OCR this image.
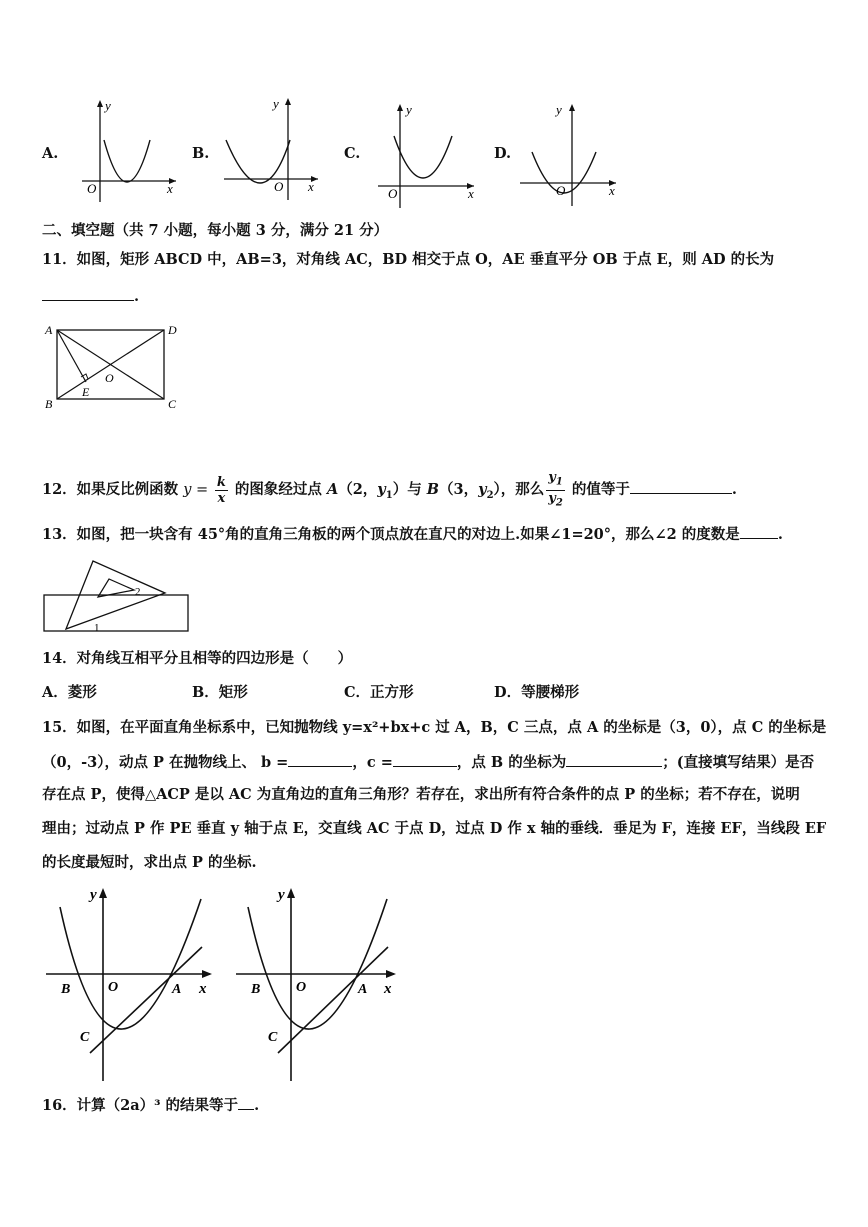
A.
y
x
O
B.
y
x
O
C.
y
x
O
D.
y
x
O
二、填空题（共 7 小题，每小题 3 分，满分 21 分）
11．如图，矩形 ABCD 中，AB=3，对角线 AC，BD 相交于点 O，AE 垂直平分 OB 于点 E，则 AD 的长为
.
A	D
B	C
E
O
12．如果反比例函数 $y = \frac{k}{x}$ 的图象经过点 A（2，$y_1$）与 B（3，$y_2$），那么 $\frac{y_1}{y_2}$ 的值等于	.
13．如图，把一块含有 45°角的直角三角板的两个顶点放在直尺的对边上.如果∠1=20°，那么∠2 的度数是	.
2
1
14．对角线互相平分且相等的四边形是（　　）
A．菱形	B．矩形	C．正方形	D．等腰梯形
15．如图，在平面直角坐标系中，已知抛物线 y=x²+bx+c 过 A，B，C 三点，点 A 的坐标是（3，0），点 C 的坐标是
（0，-3），动点 P 在抛物线上、 b =	，c =	，点 B 的坐标为	；(直接填写结果）是否
存在点 P，使得△ACP 是以 AC 为直角边的直角三角形？若存在，求出所有符合条件的点 P 的坐标；若不存在，说明
理由；过动点 P 作 PE 垂直 y 轴于点 E，交直线 AC 于点 D，过点 D 作 x 轴的垂线．垂足为 F，连接 EF，当线段 EF
的长度最短时，求出点 P 的坐标.
y
x
O
B	A
C
y
x
O
B	A
C
16．计算（2a）³ 的结果等于 .
